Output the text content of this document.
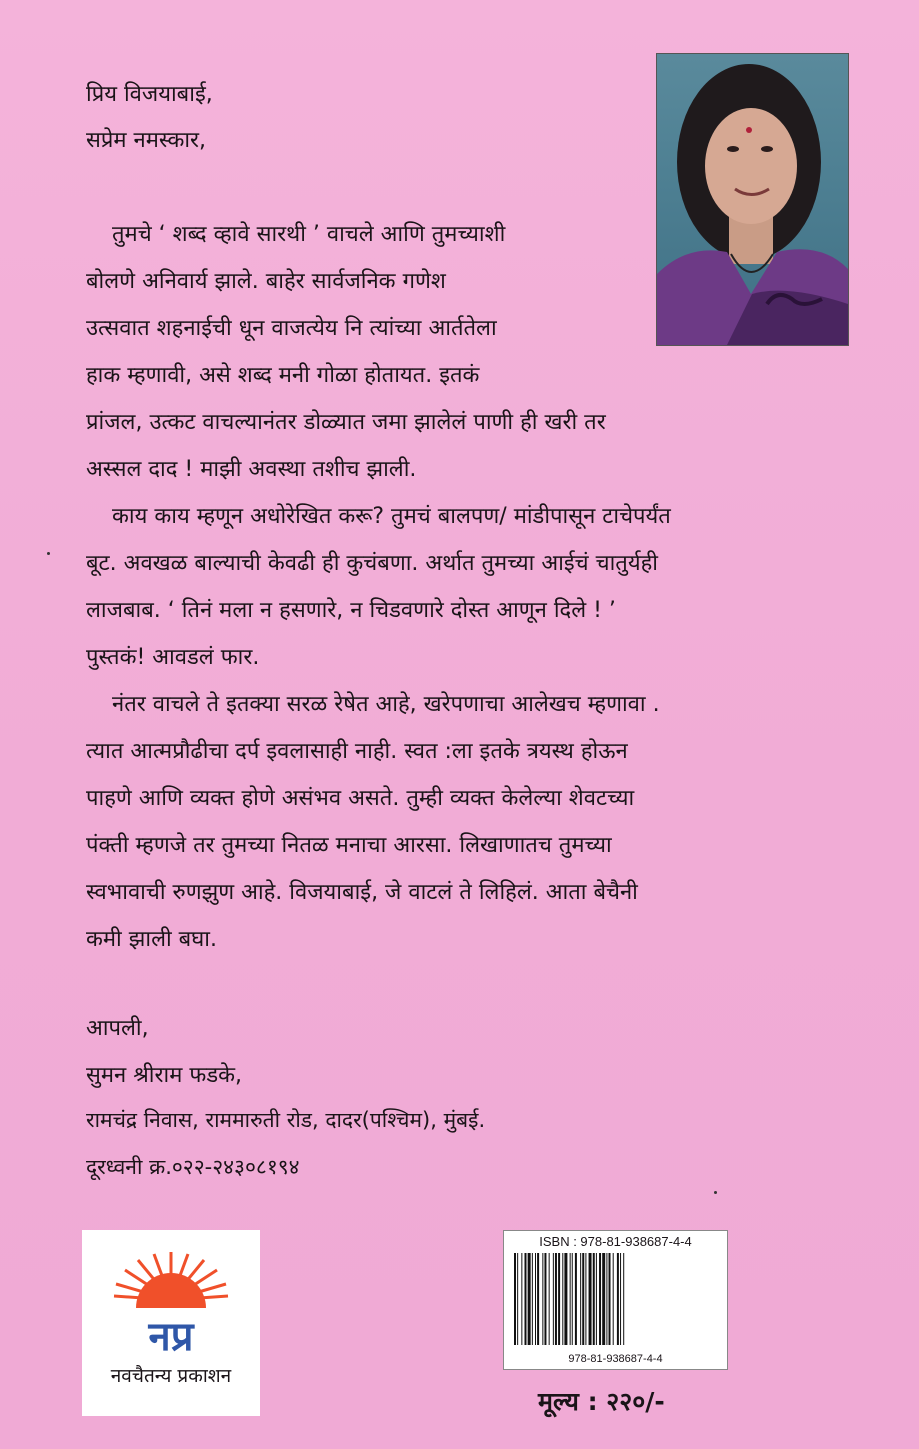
प्रिय विजयाबाई,
सप्रेम नमस्कार,
तुमचे ‘ शब्द व्हावे सारथी ’ वाचले आणि तुमच्याशी
बोलणे अनिवार्य झाले. बाहेर सार्वजनिक गणेश
उत्सवात शहनाईची धून वाजत्येय नि त्यांच्या आर्ततेला
हाक म्हणावी, असे शब्द मनी गोळा होतायत. इतकं
प्रांजल, उत्कट वाचल्यानंतर डोळ्यात जमा झालेलं पाणी ही खरी तर
अस्सल दाद ! माझी अवस्था तशीच झाली.
काय काय म्हणून अधोरेखित करू? तुमचं बालपण/ मांडीपासून टाचेपर्यंत
बूट. अवखळ बाल्याची केवढी ही कुचंबणा. अर्थात तुमच्या आईचं चातुर्यही
लाजबाब. ‘ तिनं मला न हसणारे, न चिडवणारे दोस्त आणून दिले ! ’
पुस्तकं! आवडलं फार.
नंतर वाचले ते इतक्या सरळ रेषेत आहे, खरेपणाचा आलेखच म्हणावा .
त्यात आत्मप्रौढीचा दर्प इवलासाही नाही. स्वत :ला इतके त्रयस्थ होऊन
पाहणे आणि व्यक्त होणे असंभव असते. तुम्ही व्यक्त केलेल्या शेवटच्या
पंक्ती म्हणजे तर तुमच्या नितळ मनाचा आरसा. लिखाणातच तुमच्या
स्वभावाची रुणझुण आहे. विजयाबाई, जे वाटलं ते लिहिलं. आता बेचैनी
कमी झाली बघा.
आपली,
सुमन श्रीराम फडके,
रामचंद्र निवास, राममारुती रोड, दादर(पश्चिम), मुंबई.
दूरध्वनी क्र.०२२-२४३०८१९४
नप्र
नवचैतन्य प्रकाशन
ISBN : 978-81-938687-4-4
978-81-938687-4-4
मूल्य : २२०/-
